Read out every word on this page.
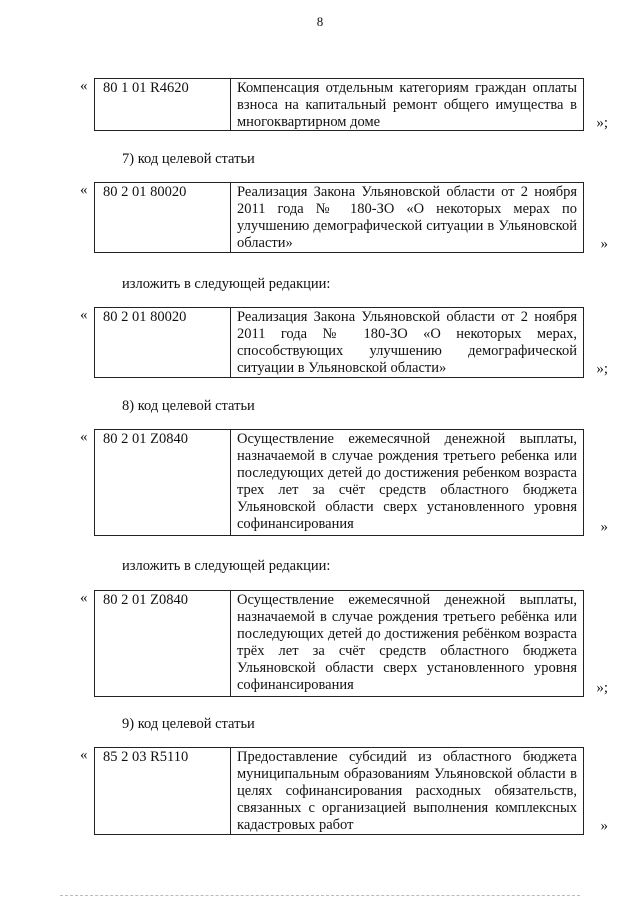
8
«	80 1 01 R4620	Компенсация отдельным категориям граждан оплаты взноса на капитальный ремонт общего имущества в многоквартирном доме	»;
7) код целевой статьи
«	80 2 01 80020	Реализация Закона Ульяновской области от 2 ноября 2011 года № 180-ЗО «О некоторых мерах по улучшению демографической ситуации в Ульяновской области»	»
изложить в следующей редакции:
«	80 2 01 80020	Реализация Закона Ульяновской области от 2 ноября 2011 года № 180-ЗО «О некоторых мерах, способствующих улучшению демографической ситуации в Ульяновской области»	»;
8) код целевой статьи
«	80 2 01 Z0840	Осуществление ежемесячной денежной выплаты, назначаемой в случае рождения третьего ребенка или последующих детей до достижения ребенком возраста трех лет за счёт средств областного бюджета Ульяновской области сверх установленного уровня софинансирования	»
изложить в следующей редакции:
«	80 2 01 Z0840	Осуществление ежемесячной денежной выплаты, назначаемой в случае рождения третьего ребёнка или последующих детей до достижения ребёнком возраста трёх лет за счёт средств областного бюджета Ульяновской области сверх установленного уровня софинансирования	»;
9) код целевой статьи
«	85 2 03 R5110	Предоставление субсидий из областного бюджета муниципальным образованиям Ульяновской области в целях софинансирования расходных обязательств, связанных с организацией выполнения комплексных кадастровых работ	»
